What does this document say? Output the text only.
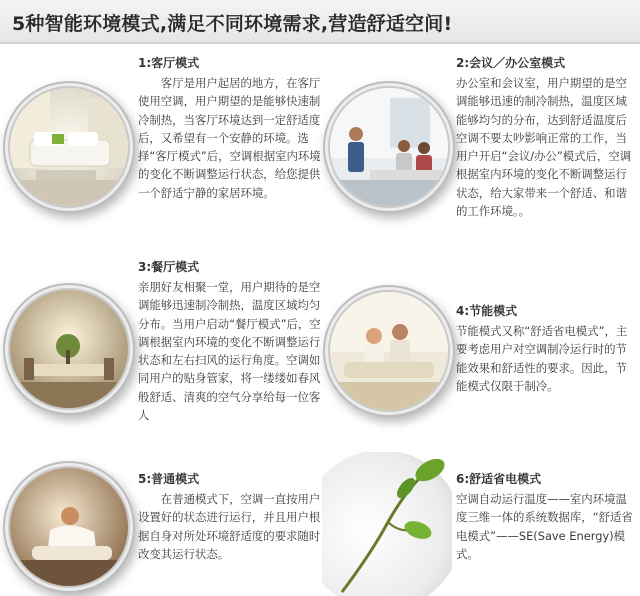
5种智能环境模式,满足不同环境需求,营造舒适空间!
1:客厅模式

客厅是用户起居的地方，在客厅使用空调，用户期望的是能够快速制冷制热，当客厅环境达到一定舒适度后，又希望有一个安静的环境。选择“客厅模式”后，空调根据室内环境的变化不断调整运行状态，给您提供一个舒适宁静的家居环境。

2:会议／办公室模式

办公室和会议室，用户期望的是空调能够迅速的制冷制热，温度区域能够均匀的分布，达到舒适温度后空调不要太吵影响正常的工作，当用户开启“会议/办公”模式后，空调根据室内环境的变化不断调整运行状态，给大家带来一个舒适、和谐的工作环境。。

3:餐厅模式

亲朋好友相聚一堂，用户期待的是空调能够迅速制冷制热，温度区域均匀分布。当用户启动“餐厅模式”后，空调根据室内环境的变化不断调整运行状态和左右扫风的运行角度。空调如同用户的贴身管家，将一缕缕如春风般舒适、清爽的空气分享给每一位客人

4:节能模式

节能模式又称“舒适省电模式”，主要考虑用户对空调制冷运行时的节能效果和舒适性的要求。因此，节能模式仅限于制冷。

5:普通模式

在普通模式下，空调一直按用户设置好的状态进行运行，并且用户根据自身对所处环境舒适度的要求随时改变其运行状态。

6:舒适省电模式

空调自动运行温度——室内环境温度三维一体的系统数据库，“舒适省电模式”——SE(Save Energy)模式。
